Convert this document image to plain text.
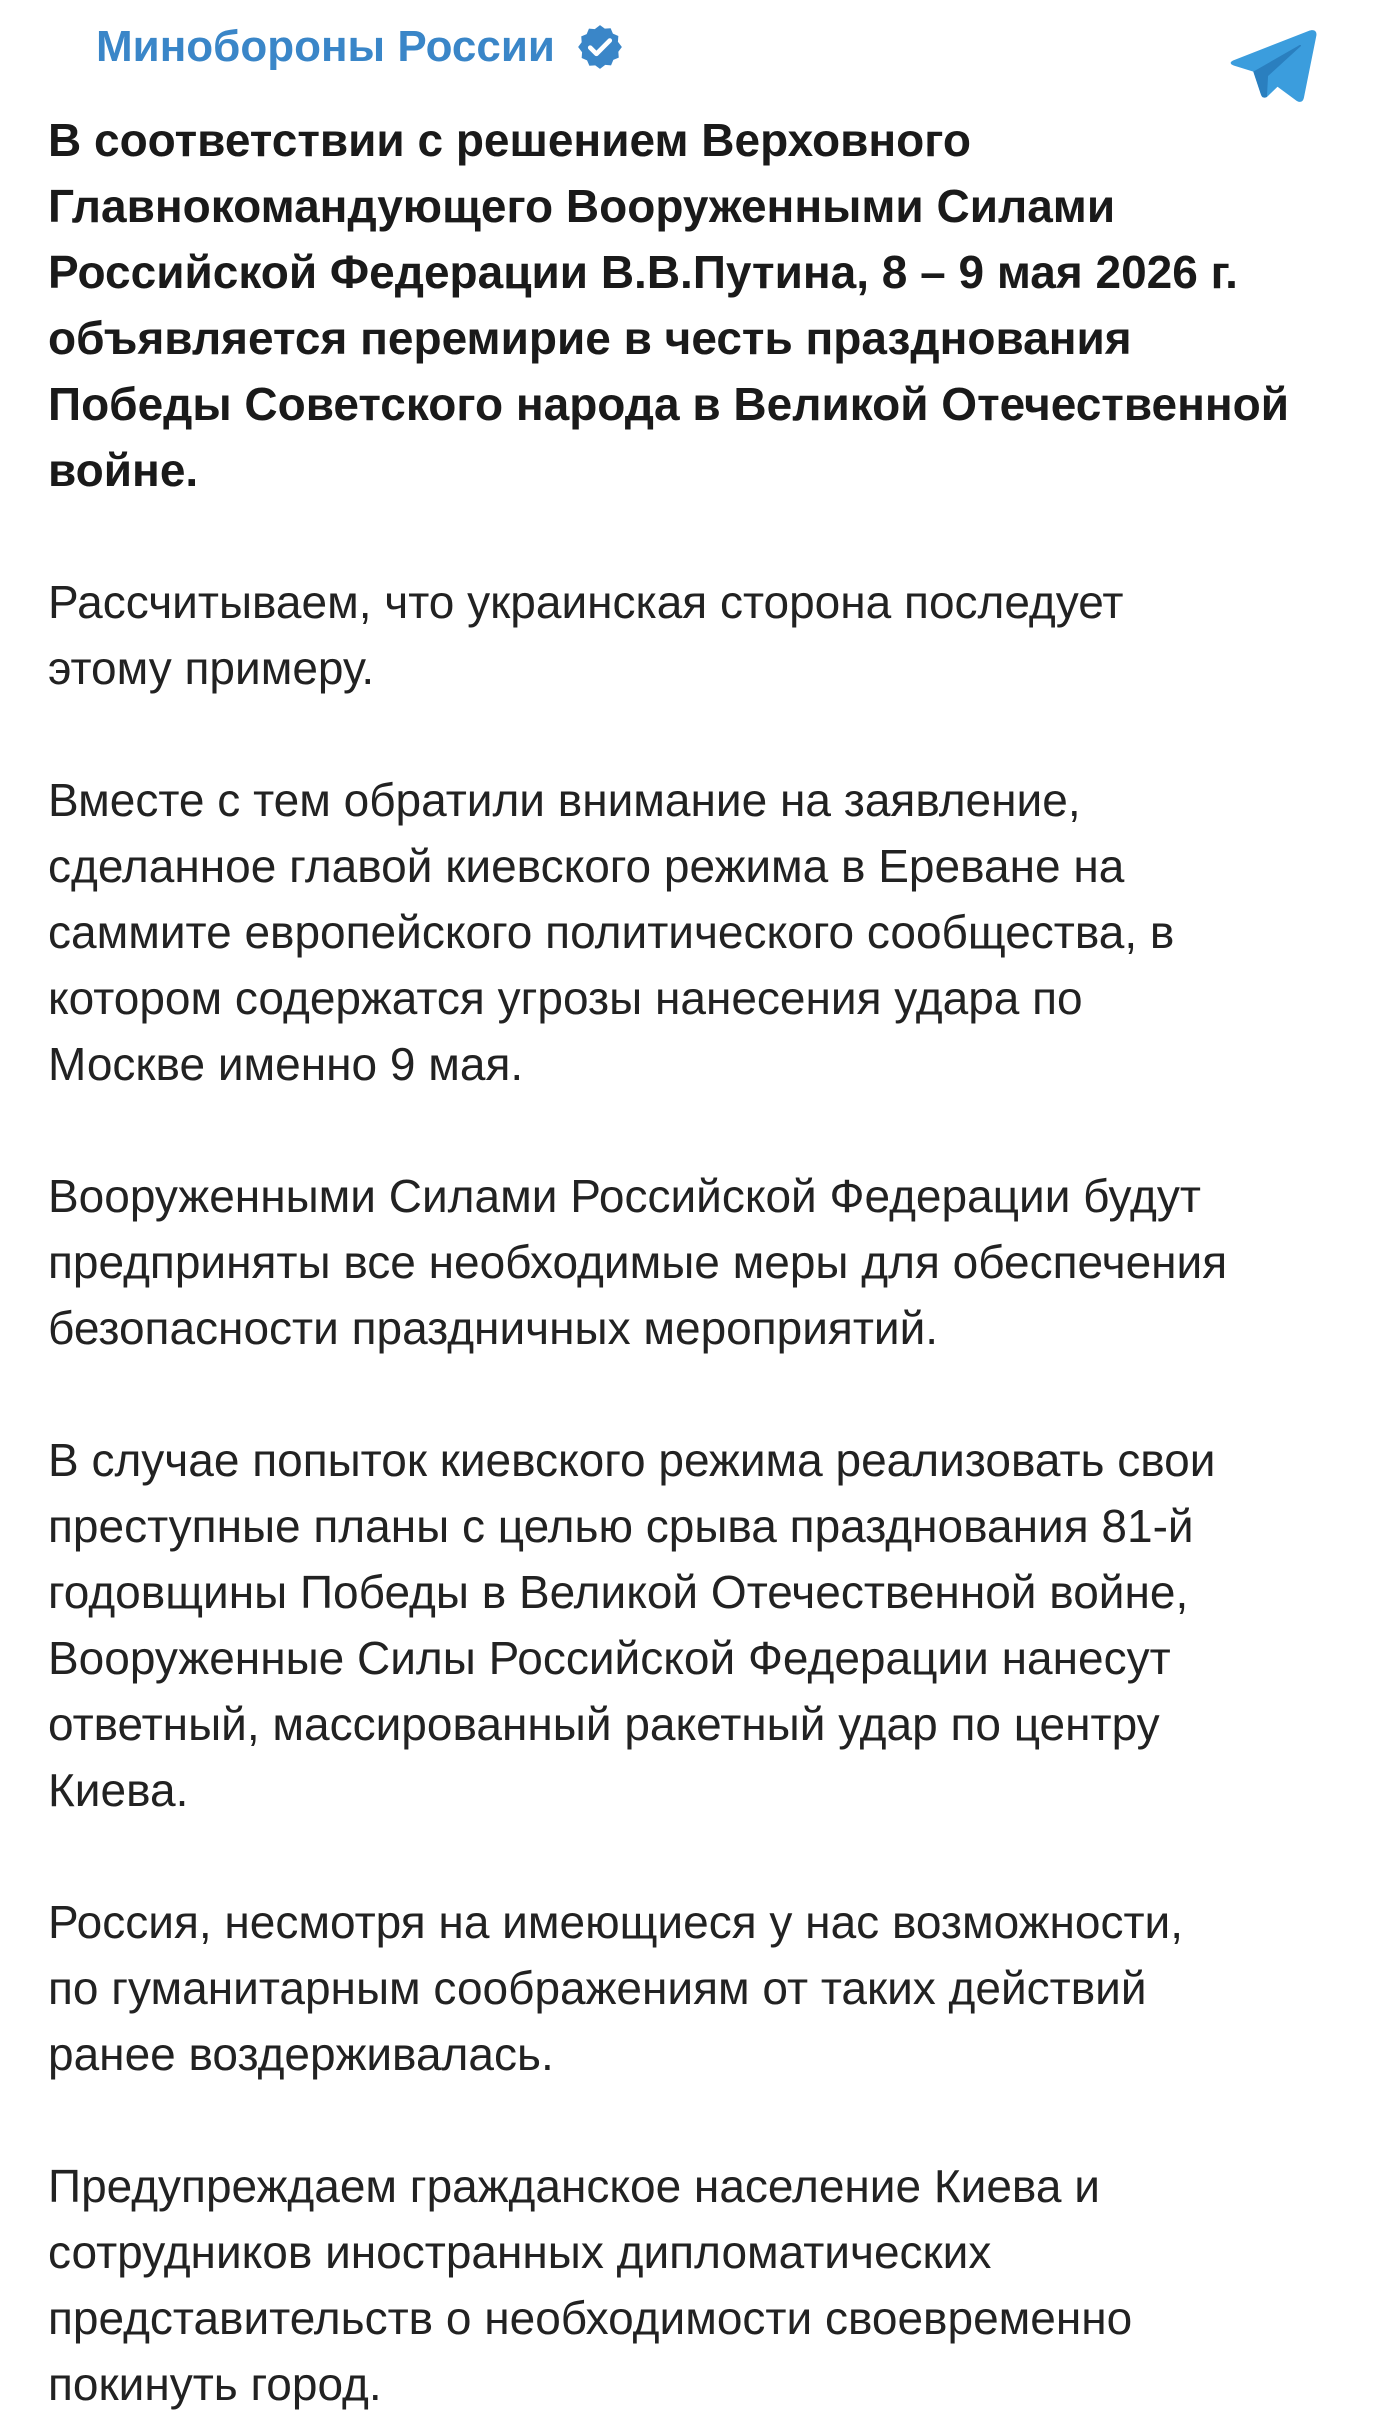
Минобороны России

В соответствии с решением Верховного
Главнокомандующего Вооруженными Силами
Российской Федерации В.В.Путина, 8 – 9 мая 2026 г.
объявляется перемирие в честь празднования
Победы Советского народа в Великой Отечественной
войне.

Рассчитываем, что украинская сторона последует
этому примеру.

Вместе с тем обратили внимание на заявление,
сделанное главой киевского режима в Ереване на
саммите европейского политического сообщества, в
котором содержатся угрозы нанесения удара по
Москве именно 9 мая.

Вооруженными Силами Российской Федерации будут
предприняты все необходимые меры для обеспечения
безопасности праздничных мероприятий.

В случае попыток киевского режима реализовать свои
преступные планы с целью срыва празднования 81-й
годовщины Победы в Великой Отечественной войне,
Вооруженные Силы Российской Федерации нанесут
ответный, массированный ракетный удар по центру
Киева.

Россия, несмотря на имеющиеся у нас возможности,
по гуманитарным соображениям от таких действий
ранее воздерживалась.

Предупреждаем гражданское население Киева и
сотрудников иностранных дипломатических
представительств о необходимости своевременно
покинуть город.
